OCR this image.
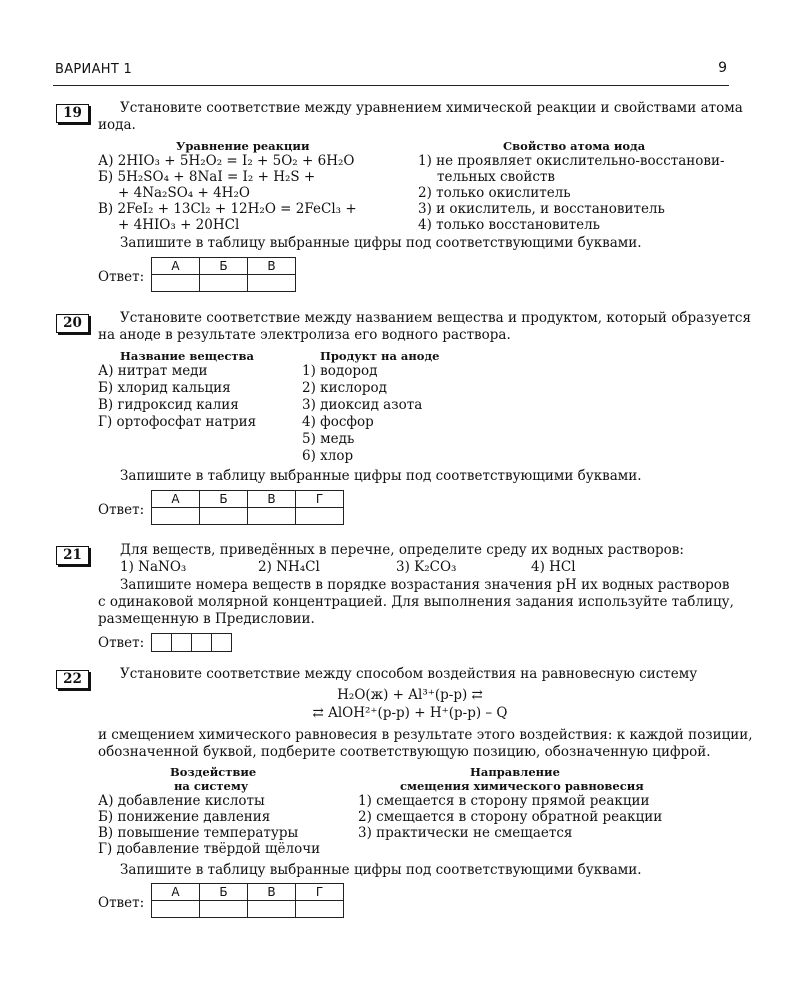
ВАРИАНТ 1	9
19	Установите соответствие между уравнением химической реакции и свойствами атома
иода.
Уравнение реакции	Свойство атома иода
А) 2HIO₃ + 5H₂O₂ = I₂ + 5O₂ + 6H₂O
Б) 5H₂SO₄ + 8NaI = I₂ + H₂S +
+ 4Na₂SO₄ + 4H₂O
В) 2FeI₂ + 13Cl₂ + 12H₂O = 2FeCl₃ +
+ 4HIO₃ + 20HCl
1) не проявляет окислительно-восстанови-
тельных свойств
2) только окислитель
3) и окислитель, и восстановитель
4) только восстановитель
Запишите в таблицу выбранные цифры под соответствующими буквами.
Ответ:
А	Б	В

20	Установите соответствие между названием вещества и продуктом, который образуется
на аноде в результате электролиза его водного раствора.
Название вещества	Продукт на аноде
А) нитрат меди
Б) хлорид кальция
В) гидроксид калия
Г) ортофосфат натрия
1) водород
2) кислород
3) диоксид азота
4) фосфор
5) медь
6) хлор
Запишите в таблицу выбранные цифры под соответствующими буквами.
Ответ:
А	Б	В	Г

21	Для веществ, приведённых в перечне, определите среду их водных растворов:
1) NaNO₃	2) NH₄Cl	3) K₂CO₃	4) HCl
Запишите номера веществ в порядке возрастания значения pH их водных растворов
с одинаковой молярной концентрацией. Для выполнения задания используйте таблицу,
размещенную в Предисловии.
Ответ:
22	Установите соответствие между способом воздействия на равновесную систему
H₂O(ж) + Al³⁺(р-р) ⇄
⇄ AlOH²⁺(р-р) + H⁺(р-р) – Q
и смещением химического равновесия в результате этого воздействия: к каждой позиции,
обозначенной буквой, подберите соответствующую позицию, обозначенную цифрой.
Воздействие
на систему
Направление
смещения химического равновесия
А) добавление кислоты
Б) понижение давления
В) повышение температуры
Г) добавление твёрдой щёлочи
1) смещается в сторону прямой реакции
2) смещается в сторону обратной реакции
3) практически не смещается
Запишите в таблицу выбранные цифры под соответствующими буквами.
Ответ:
А	Б	В	Г
